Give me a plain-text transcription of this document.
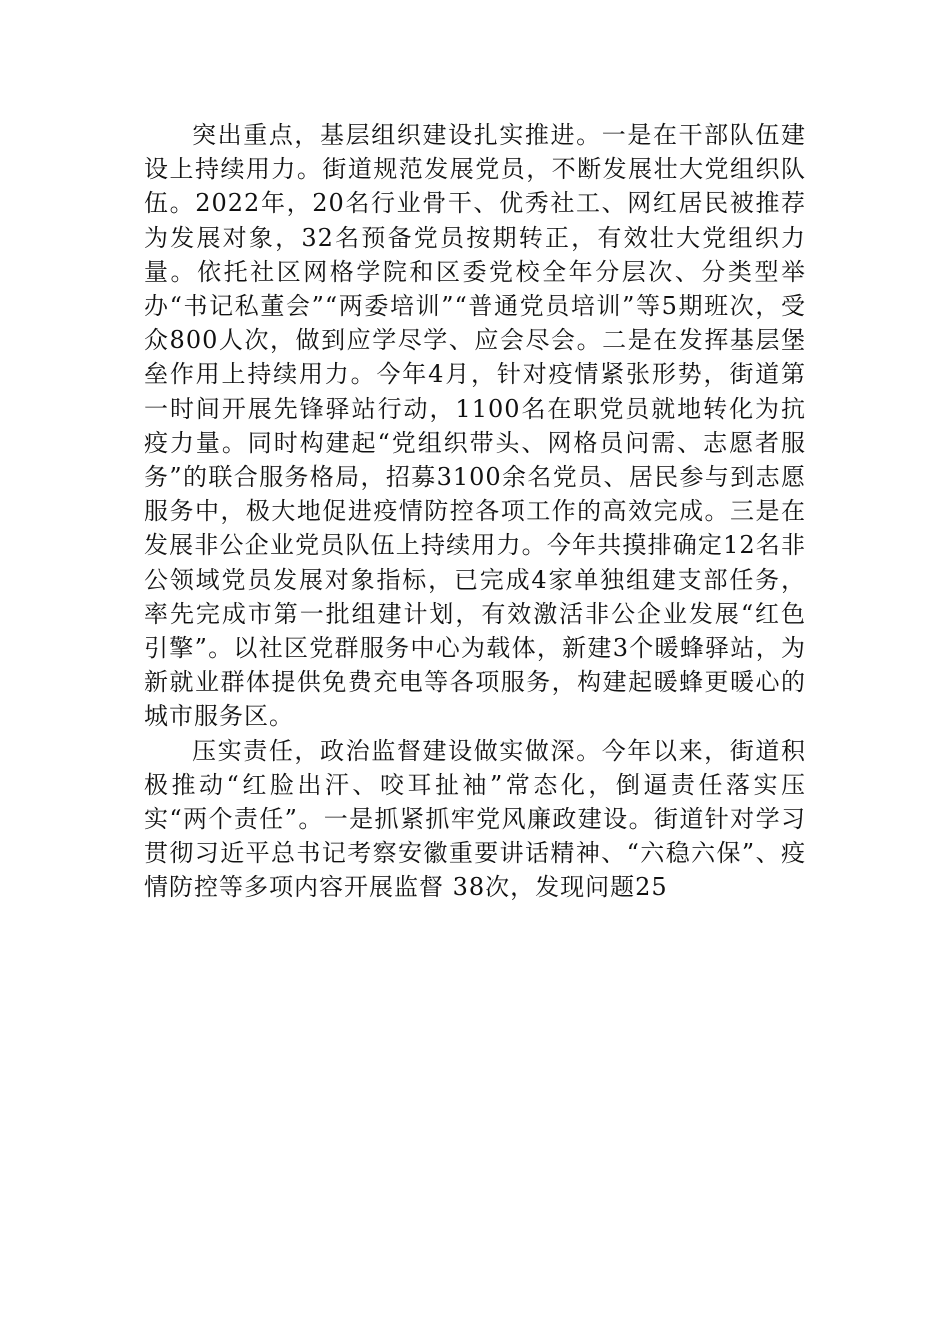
突出重点，基层组织建设扎实推进。一是在干部队伍建设上持续用力。街道规范发展党员，不断发展壮大党组织队伍。2022年，20名行业骨干、优秀社工、网红居民被推荐为发展对象，32名预备党员按期转正，有效壮大党组织力量。依托社区网格学院和区委党校全年分层次、分类型举办“书记私董会”“两委培训”“普通党员培训”等5期班次，受众800人次，做到应学尽学、应会尽会。二是在发挥基层堡垒作用上持续用力。今年4月，针对疫情紧张形势，街道第一时间开展先锋驿站行动，1100名在职党员就地转化为抗疫力量。同时构建起“党组织带头、网格员问需、志愿者服务”的联合服务格局，招募3100余名党员、居民参与到志愿服务中，极大地促进疫情防控各项工作的高效完成。三是在发展非公企业党员队伍上持续用力。今年共摸排确定12名非公领域党员发展对象指标，已完成4家单独组建支部任务，率先完成市第一批组建计划，有效激活非公企业发展“红色引擎”。以社区党群服务中心为载体，新建3个暖蜂驿站，为新就业群体提供免费充电等各项服务，构建起暖蜂更暖心的城市服务区。

压实责任，政治监督建设做实做深。今年以来，街道积极推动“红脸出汗、咬耳扯袖”常态化，倒逼责任落实压实“两个责任”。一是抓紧抓牢党风廉政建设。街道针对学习贯彻习近平总书记考察安徽重要讲话精神、“六稳六保”、疫情防控等多项内容开展监督 38次，发现问题25
